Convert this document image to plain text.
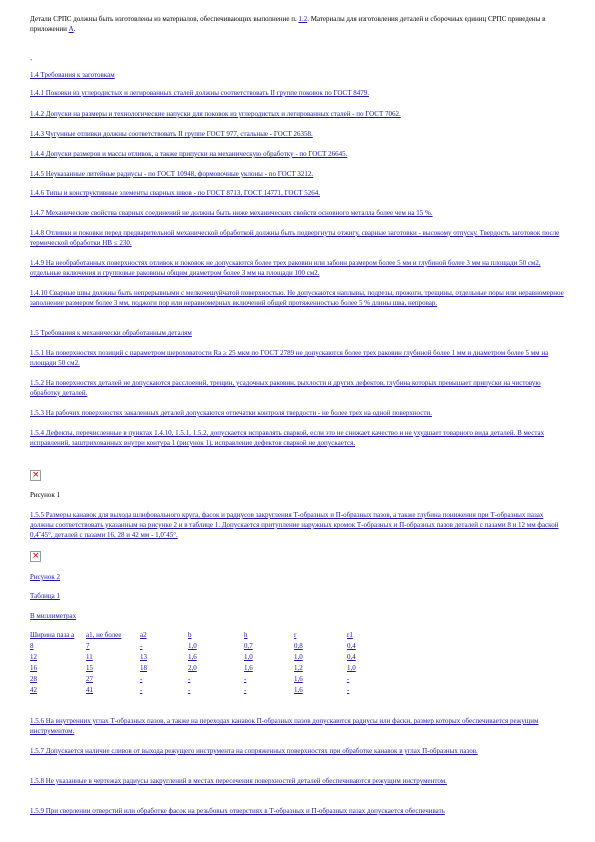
Детали СРПС должны быть изготовлены из материалов, обеспечивающих выполнение п. 1.2. Материалы для изготовления деталей и сборочных единиц СРПС приведены в приложении А.

`

1.4 Требования к заготовкам

1.4.1 Поковки из углеродистых и легированных сталей должны соответствовать II группе поковок по ГОСТ 8479.

1.4.2 Допуски на размеры и технологические напуски для поковок из углеродистых и легированных сталей - по ГОСТ 7062.

1.4.3 Чугунные отливки должны соответствовать II группе ГОСТ 977, стальные - ГОСТ 26358.

1.4.4 Допуски размеров и массы отливок, а также припуски на механическую обработку - по ГОСТ 26645.

1.4.5 Неуказанные литейные радиусы - по ГОСТ 10948, формовочные уклоны - по ГОСТ 3212.

1.4.6 Типы и конструктивные элементы сварных швов - по ГОСТ 8713, ГОСТ 14771, ГОСТ 5264.

1.4.7 Механические свойства сварных соединений не должны быть ниже механических свойств основного металла более чем на 15 %.

1.4.8 Отливки и поковки перед предварительной механической обработкой должны быть подвергнуты отжигу, сварные заготовки - высокому отпуску. Твердость заготовок после термической обработки НВ ≤ 230.

1.4.9 На необработанных поверхностях отливок и поковок не допускаются более трех раковин или забоин размером более 5 мм и глубиной более 3 мм на площади 50 см2, отдельные включения и групповые раковины общим диаметром более 3 мм на площади 100 см2.

1.4.10 Сварные швы должны быть непрерывными с мелкочешуйчатой поверхностью. Не допускаются наплывы, подрезы, прожоги, трещины, отдельные поры или неравномерное заполнение размером более 3 мм, поджоги пор или неравномерных включений общей протяженностью более 5 % длины шва, непровар.

1.5 Требования к механически обработанным деталям

1.5.1 На поверхностях позиций с параметром шероховатости Ra ≥ 25 мкм по ГОСТ 2789 не допускаются более трех раковин глубиной более 1 мм и диаметром более 5 мм на площади 50 см2.

1.5.2 На поверхностях деталей не допускаются расслоений, трещин, усадочных раковин, рыхлости и других дефектов, глубина которых превышает припуски на чистовую обработку деталей.

1.5.3 На рабочих поверхностях закаленных деталей допускаются отпечатки контроля твердости - не более трех на одной поверхности.

1.5.4 Дефекты, перечисленные в пунктах 1.4.10, 1.5.1, 1.5.2, допускается исправлять сваркой, если это не снижает качество и не ухудшает товарного вида деталей. В местах исправлений, заштрихованных внутри контура 1 (рисунок 1), исправление дефектов сваркой не допускается.

×

Рисунок 1

1.5.5 Размеры канавок для выхода шлифовального круга, фасок и радиусов закругления Т-образных и П-образных пазов, а также глубина понижения при Т-образных пазах должны соответствовать указанным на рисунке 2 и в таблице 1. Допускается притупление наружных кромок Т-образных и П-образных пазов деталей с пазами 8 и 12 мм фаской 0,4˝45°, деталей с пазами 16, 28 и 42 мм - 1,0˝45°.

×

Рисунок 2

Таблица 1

В миллиметрах

Ширина паза а	a1, не более	a2	b	h	r	r1
8	7	-	1,0	0,7	0,8	0,4
12	11	13	1,6	1,0	1,0	0,4
16	15	18	2,0	1,6	1,2	1,0
28	27	-	-	-	1,6	-
42	41	-	-	-	1,6	-

1.5.6 На внутренних углах Т-образных пазов, а также на переходах канавок П-образных пазов допускаются радиусы или фаски, размер которых обеспечивается режущим инструментом.

1.5.7 Допускается наличие сливов от выхода режущего инструмента на сопряженных поверхностях при обработке канавок в углах П-образных пазов.

1.5.8 Не указанные в чертежах радиусы закруглений в местах пересечения поверхностей деталей обеспечиваются режущим инструментом.

1.5.9 При сверлении отверстий или обработке фасок на резьбовых отверстиях в Т-образных и П-образных пазах допускается обеспечивать
